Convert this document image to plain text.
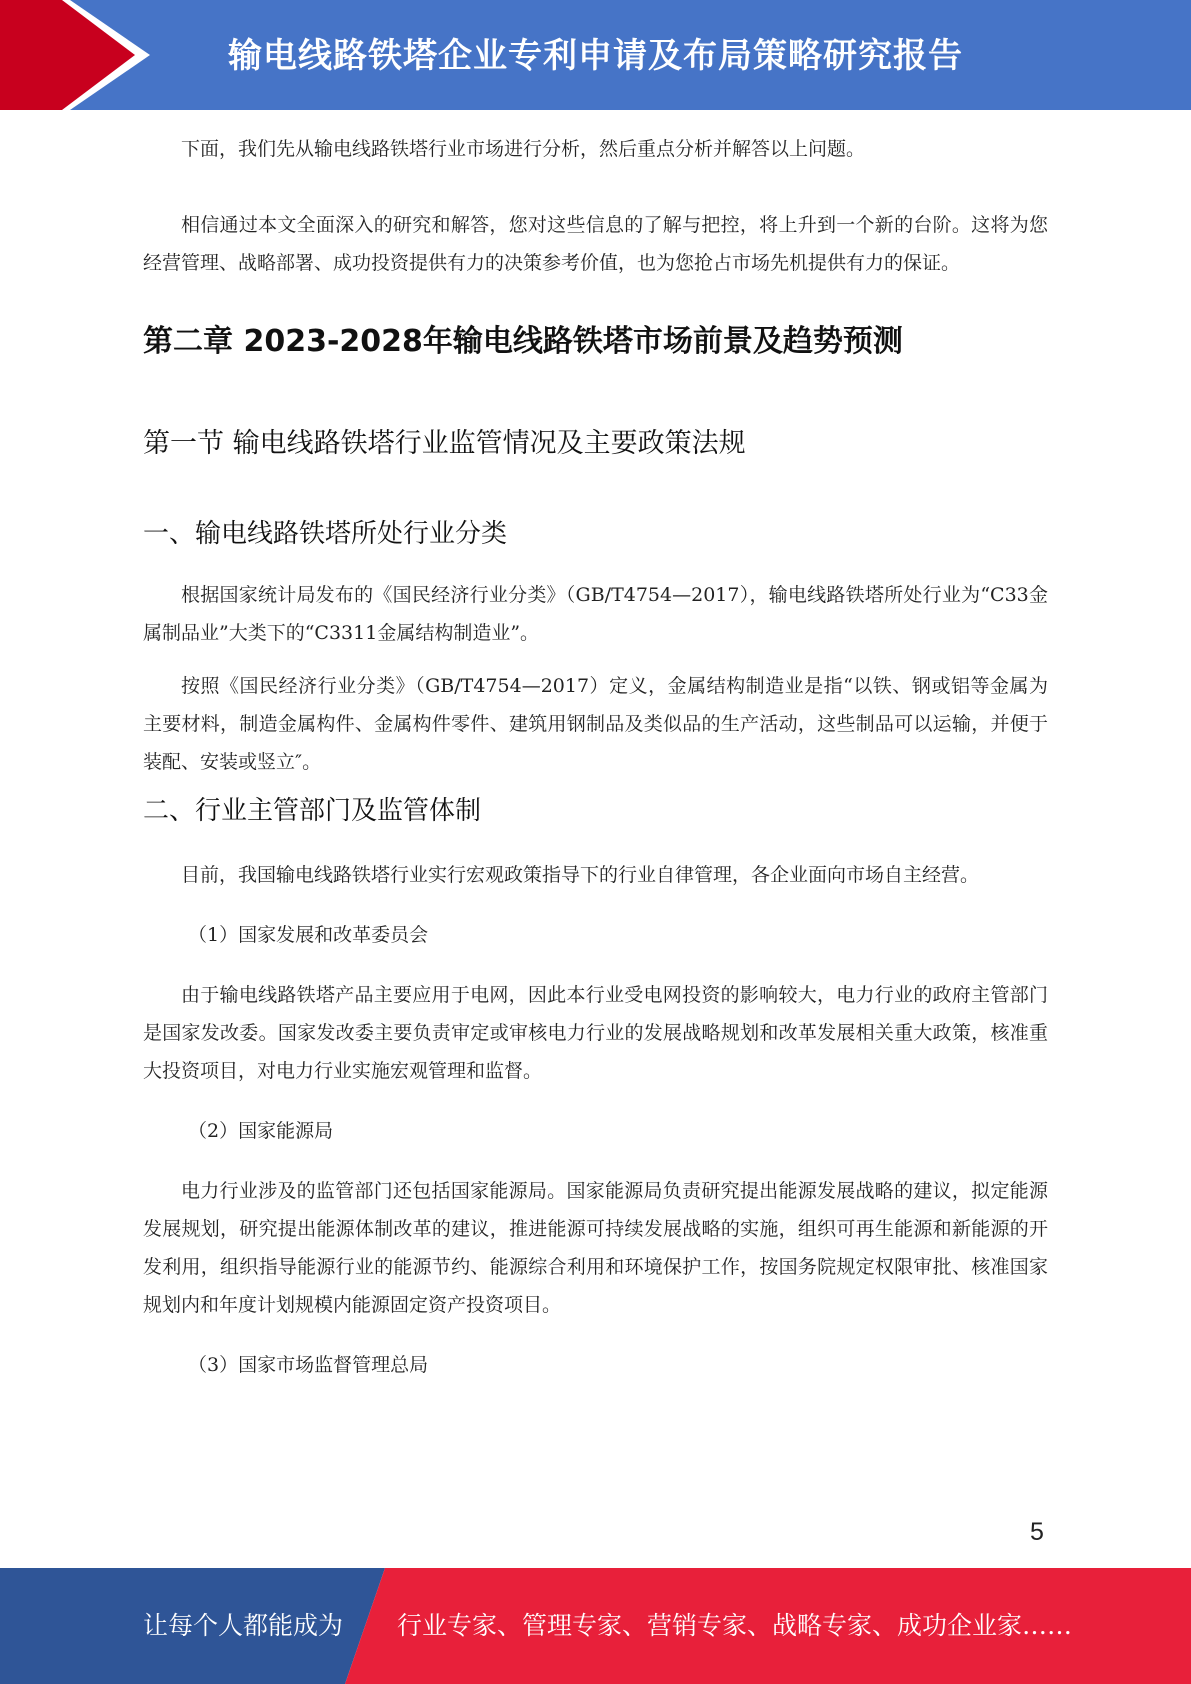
输电线路铁塔企业专利申请及布局策略研究报告

下面，我们先从输电线路铁塔行业市场进行分析，然后重点分析并解答以上问题。

相信通过本文全面深入的研究和解答，您对这些信息的了解与把控，将上升到一个新的台阶。这将为您经营管理、战略部署、成功投资提供有力的决策参考价值，也为您抢占市场先机提供有力的保证。

第二章 2023-2028年输电线路铁塔市场前景及趋势预测
第一节 输电线路铁塔行业监管情况及主要政策法规
一、输电线路铁塔所处行业分类

根据国家统计局发布的《国民经济行业分类》（GB/T4754—2017），输电线路铁塔所处行业为“C33金属制品业”大类下的“C3311金属结构制造业”。

按照《国民经济行业分类》（GB/T4754—2017）定义，金属结构制造业是指“以铁、钢或铝等金属为主要材料，制造金属构件、金属构件零件、建筑用钢制品及类似品的生产活动，这些制品可以运输，并便于装配、安装或竖立″。

二、行业主管部门及监管体制

目前，我国输电线路铁塔行业实行宏观政策指导下的行业自律管理，各企业面向市场自主经营。

（1）国家发展和改革委员会

由于输电线路铁塔产品主要应用于电网，因此本行业受电网投资的影响较大，电力行业的政府主管部门是国家发改委。国家发改委主要负责审定或审核电力行业的发展战略规划和改革发展相关重大政策，核准重大投资项目，对电力行业实施宏观管理和监督。

（2）国家能源局

电力行业涉及的监管部门还包括国家能源局。国家能源局负责研究提出能源发展战略的建议，拟定能源发展规划，研究提出能源体制改革的建议，推进能源可持续发展战略的实施，组织可再生能源和新能源的开发利用，组织指导能源行业的能源节约、能源综合利用和环境保护工作，按国务院规定权限审批、核准国家规划内和年度计划规模内能源固定资产投资项目。

（3）国家市场监督管理总局

5
让每个人都能成为 行业专家、管理专家、营销专家、战略专家、成功企业家……
